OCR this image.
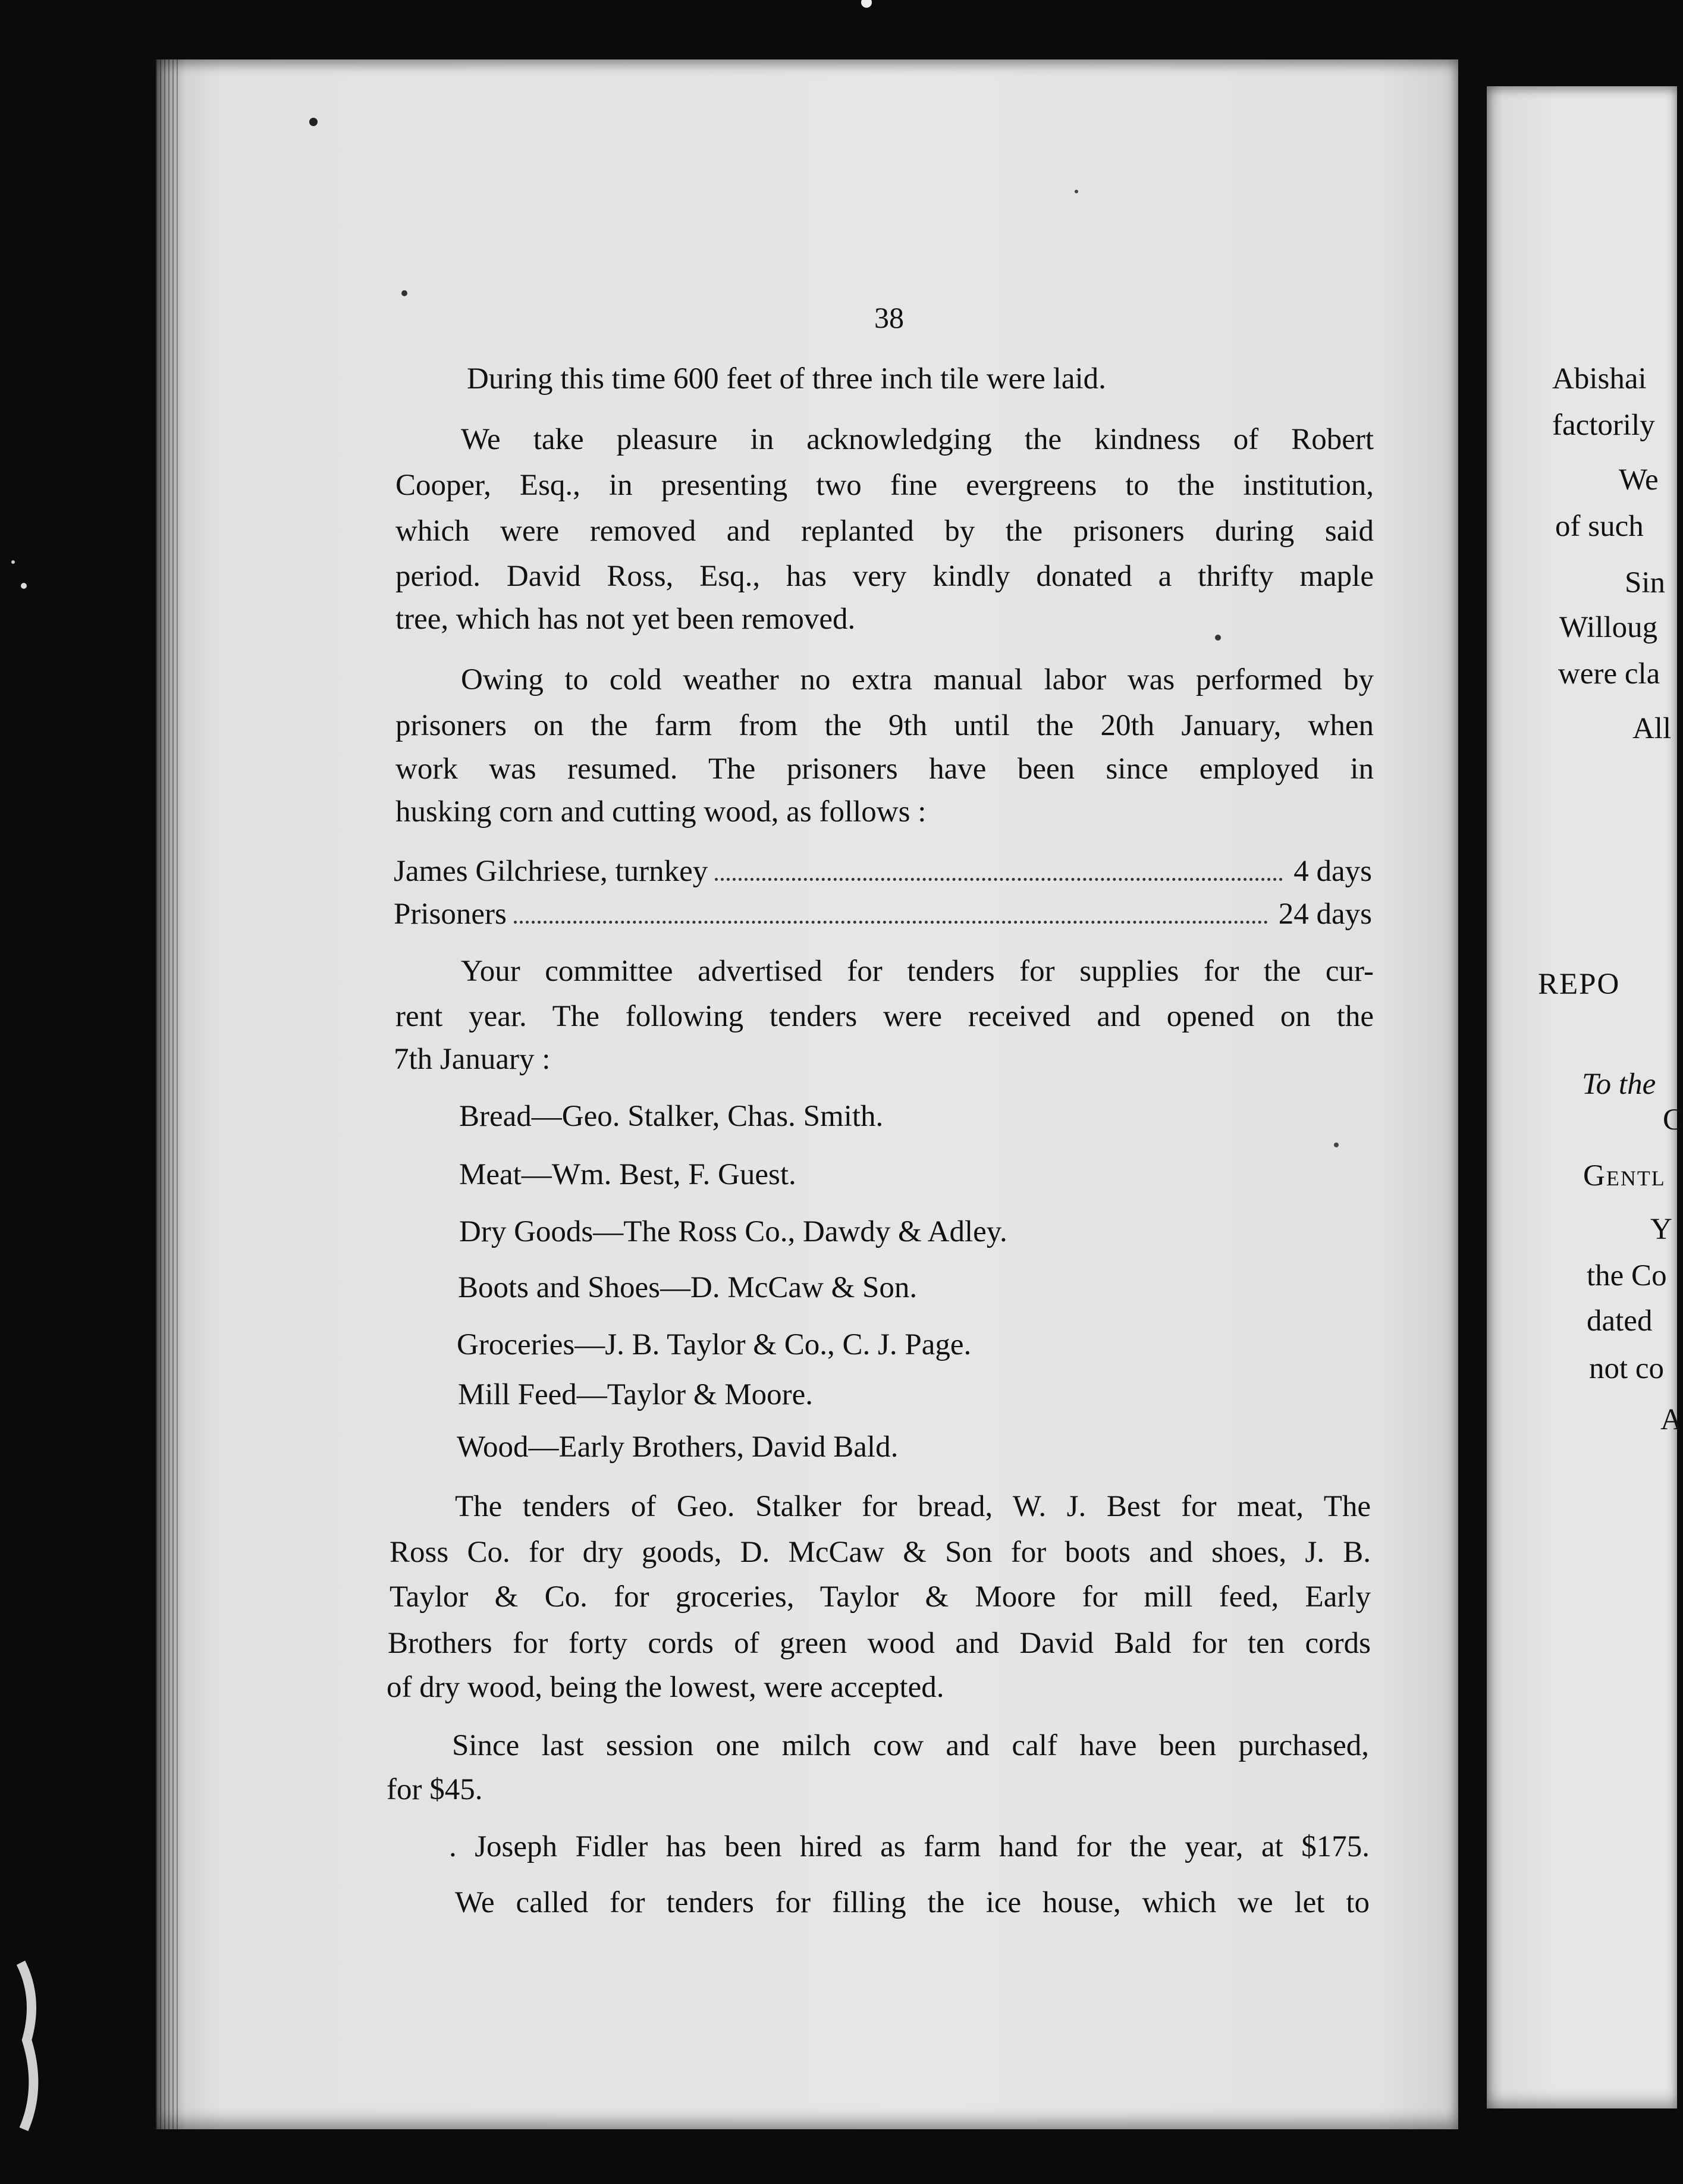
38
During this time 600 feet of three inch tile were laid.
We take pleasure in acknowledging the kindness of Robert
Cooper, Esq., in presenting two fine evergreens to the institution,
which were removed and replanted by the prisoners during said
period. David Ross, Esq., has very kindly donated a thrifty maple
tree, which has not yet been removed.
Owing to cold weather no extra manual labor was performed by
prisoners on the farm from the 9th until the 20th January, when
work was resumed. The prisoners have been since employed in
husking corn and cutting wood, as follows :
James Gilchriese, turnkey	4 days
Prisoners	24 days
Your committee advertised for tenders for supplies for the cur-
rent year. The following tenders were received and opened on the
7th January :
Bread—Geo. Stalker, Chas. Smith.
Meat—Wm. Best, F. Guest.
Dry Goods—The Ross Co., Dawdy & Adley.
Boots and Shoes—D. McCaw & Son.
Groceries—J. B. Taylor & Co., C. J. Page.
Mill Feed—Taylor & Moore.
Wood—Early Brothers, David Bald.
The tenders of Geo. Stalker for bread, W. J. Best for meat, The
Ross Co. for dry goods, D. McCaw & Son for boots and shoes, J. B.
Taylor & Co. for groceries, Taylor & Moore for mill feed, Early
Brothers for forty cords of green wood and David Bald for ten cords
of dry wood, being the lowest, were accepted.
Since last session one milch cow and calf have been purchased,
for $45.
. Joseph Fidler has been hired as farm hand for the year, at $175.
We called for tenders for filling the ice house, which we let to
Abishai
factorily
We
of such
Sin
Willoug
were cla
All
REPO
To the
C
Gentl
Y
the Co
dated
not co
A
